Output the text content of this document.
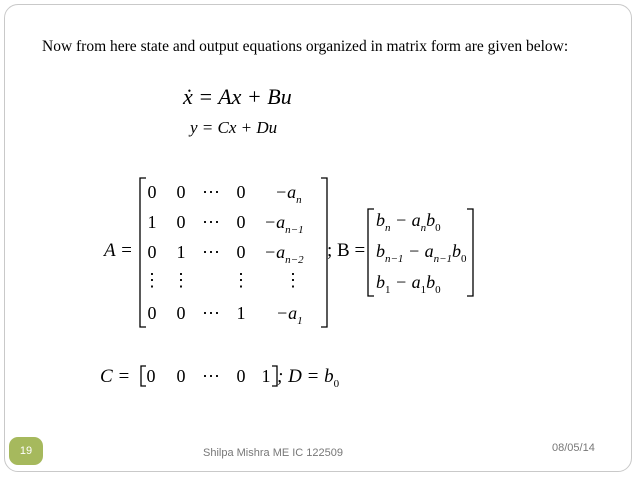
Now from here state and output equations organized in matrix form are given below:
ẋ = Ax + Bu
y = Cx + Du
A =
0 0 ⋯ $0 -a_n$
1 0 ⋯ $0 -a_{n-1}$
0 1 ⋯ $0 -a_{n-2}$
⋮ ⋮ ⋮ ⋮
0 0 ⋯ $1 -a_1$
; B =
$b_n - a_nb_0$
$b_{n-1} - a_{n-1}b_0$
$b_1 - a_1b_0$
C = 0 0 ⋯ 0 1 ; $D = b_0$
19	Shilpa Mishra ME IC 122509	08/05/14
